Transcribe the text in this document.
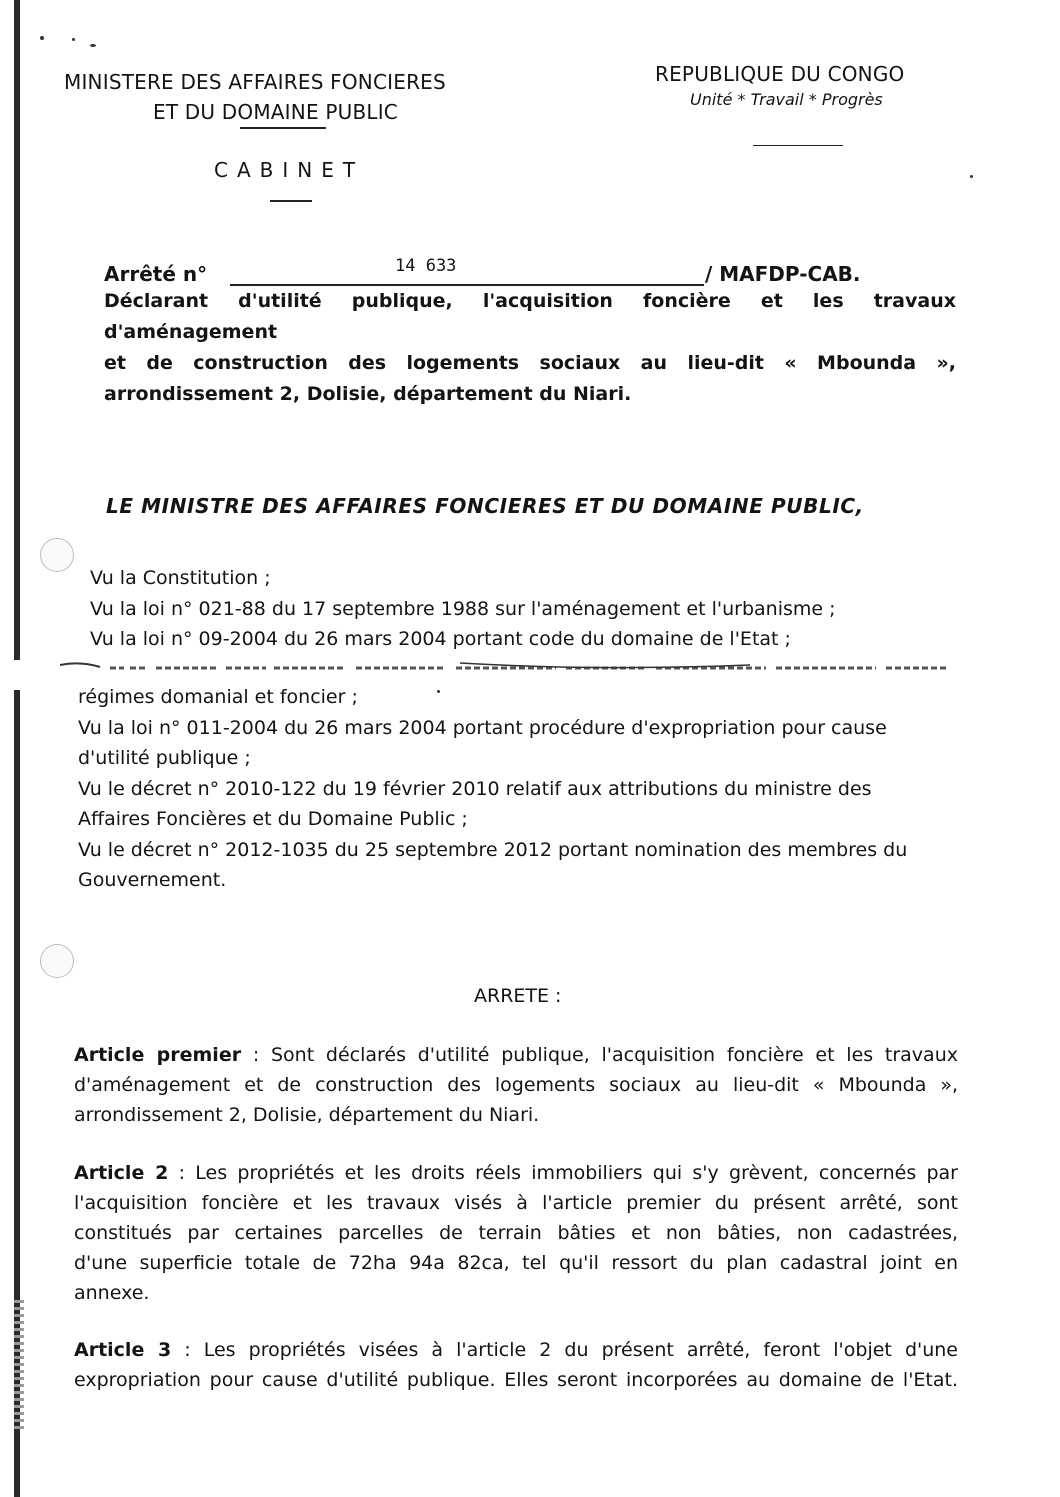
MINISTERE DES AFFAIRES FONCIERES
ET DU DOMAINE PUBLIC
REPUBLIQUE DU CONGO
Unité * Travail * Progrès
CABINET
Arrêté n°	14 633	/ MAFDP-CAB.
Déclarant d'utilité publique, l'acquisition foncière et les travaux d'aménagement
et de construction des logements sociaux au lieu-dit « Mbounda »,
arrondissement 2, Dolisie, département du Niari.
LE MINISTRE DES AFFAIRES FONCIERES ET DU DOMAINE PUBLIC,
Vu la Constitution ;
Vu la loi n° 021-88 du 17 septembre 1988 sur l'aménagement et l'urbanisme ;
Vu la loi n° 09-2004 du 26 mars 2004 portant code du domaine de l'Etat ;
régimes domanial et foncier ;
Vu la loi n° 011-2004 du 26 mars 2004 portant procédure d'expropriation pour cause
d'utilité publique ;
Vu le décret n° 2010-122 du 19 février 2010 relatif aux attributions du ministre des
Affaires Foncières et du Domaine Public ;
Vu le décret n° 2012-1035 du 25 septembre 2012 portant nomination des membres du
Gouvernement.
ARRETE :
Article premier : Sont déclarés d'utilité publique, l'acquisition foncière et les travaux
d'aménagement et de construction des logements sociaux au lieu-dit « Mbounda »,
arrondissement 2, Dolisie, département du Niari.
Article 2 : Les propriétés et les droits réels immobiliers qui s'y grèvent, concernés par
l'acquisition foncière et les travaux visés à l'article premier du présent arrêté, sont
constitués par certaines parcelles de terrain bâties et non bâties, non cadastrées,
d'une superficie totale de 72ha 94a 82ca, tel qu'il ressort du plan cadastral joint en
annexe.
Article 3 : Les propriétés visées à l'article 2 du présent arrêté, feront l'objet d'une
expropriation pour cause d'utilité publique. Elles seront incorporées au domaine de l'Etat.
